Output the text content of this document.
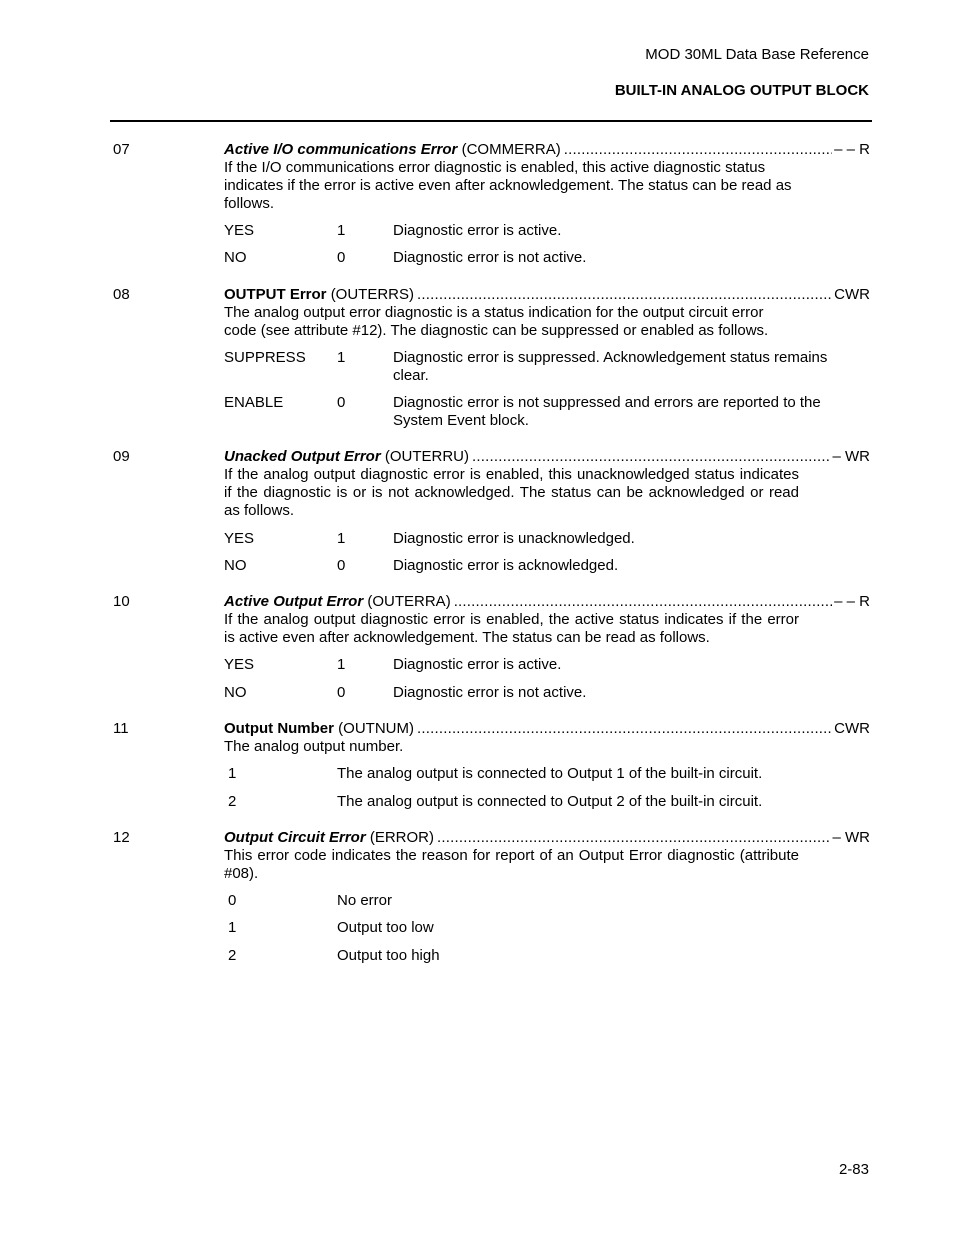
MOD 30ML Data Base Reference
BUILT-IN ANALOG OUTPUT BLOCK
07	Active I/O communications Error (COMMERRA) .....	– – R
If the I/O communications error diagnostic is enabled, this active diagnostic status indicates if the error is active even after acknowledgement. The status can be read as follows.
YES	1	Diagnostic error is active.
NO	0	Diagnostic error is not active.
08	OUTPUT Error (OUTERRS) .....	CWR
The analog output error diagnostic is a status indication for the output circuit error code (see attribute #12). The diagnostic can be suppressed or enabled as follows.
SUPPRESS 1	Diagnostic error is suppressed. Acknowledgement status remains clear.
ENABLE	0	Diagnostic error is not suppressed and errors are reported to the System Event block.
09	Unacked Output Error (OUTERRU) .....	– WR
If the analog output diagnostic error is enabled, this unacknowledged status indicates if the diagnostic is or is not acknowledged. The status can be acknowledged or read as follows.
YES	1	Diagnostic error is unacknowledged.
NO	0	Diagnostic error is acknowledged.
10	Active Output Error (OUTERRA) .....	– – R
If the analog output diagnostic error is enabled, the active status indicates if the error is active even after acknowledgement. The status can be read as follows.
YES	1	Diagnostic error is active.
NO	0	Diagnostic error is not active.
11	Output Number (OUTNUM) .....	CWR
The analog output number.
1	The analog output is connected to Output 1 of the built-in circuit.
2	The analog output is connected to Output 2 of the built-in circuit.
12	Output Circuit Error (ERROR) .....	– WR
This error code indicates the reason for report of an Output Error diagnostic (attribute #08).
0	No error
1	Output too low
2	Output too high
2-83
